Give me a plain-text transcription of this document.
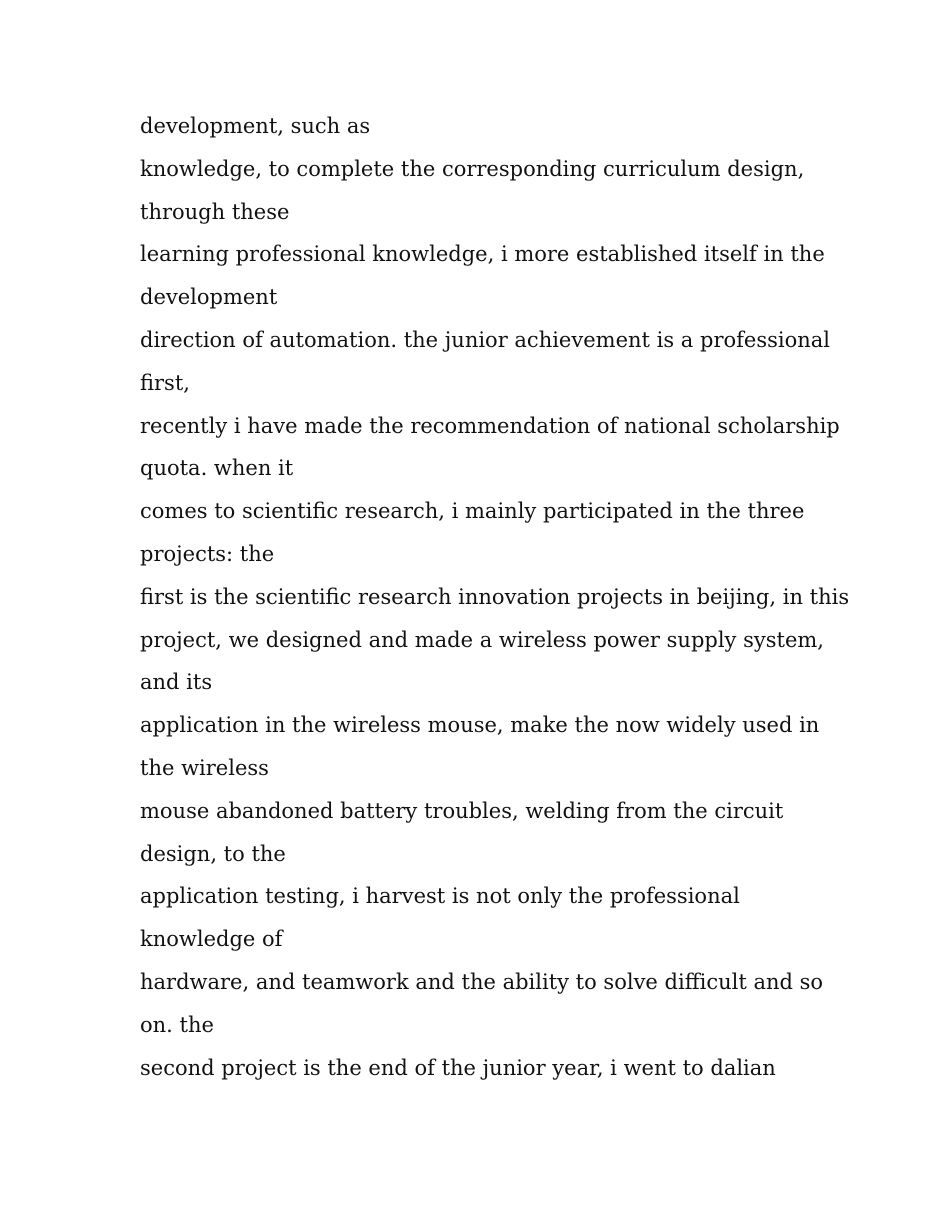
development, such as
knowledge, to complete the corresponding curriculum design,
through these
learning professional knowledge, i more established itself in the
development
direction of automation. the junior achievement is a professional
first,
recently i have made the recommendation of national scholarship
quota. when it
comes to scientific research, i mainly participated in the three
projects: the
first is the scientific research innovation projects in beijing, in this
project, we designed and made a wireless power supply system,
and its
application in the wireless mouse, make the now widely used in
the wireless
mouse abandoned battery troubles, welding from the circuit
design, to the
application testing, i harvest is not only the professional
knowledge of
hardware, and teamwork and the ability to solve difficult and so
on. the
second project is the end of the junior year, i went to dalian
